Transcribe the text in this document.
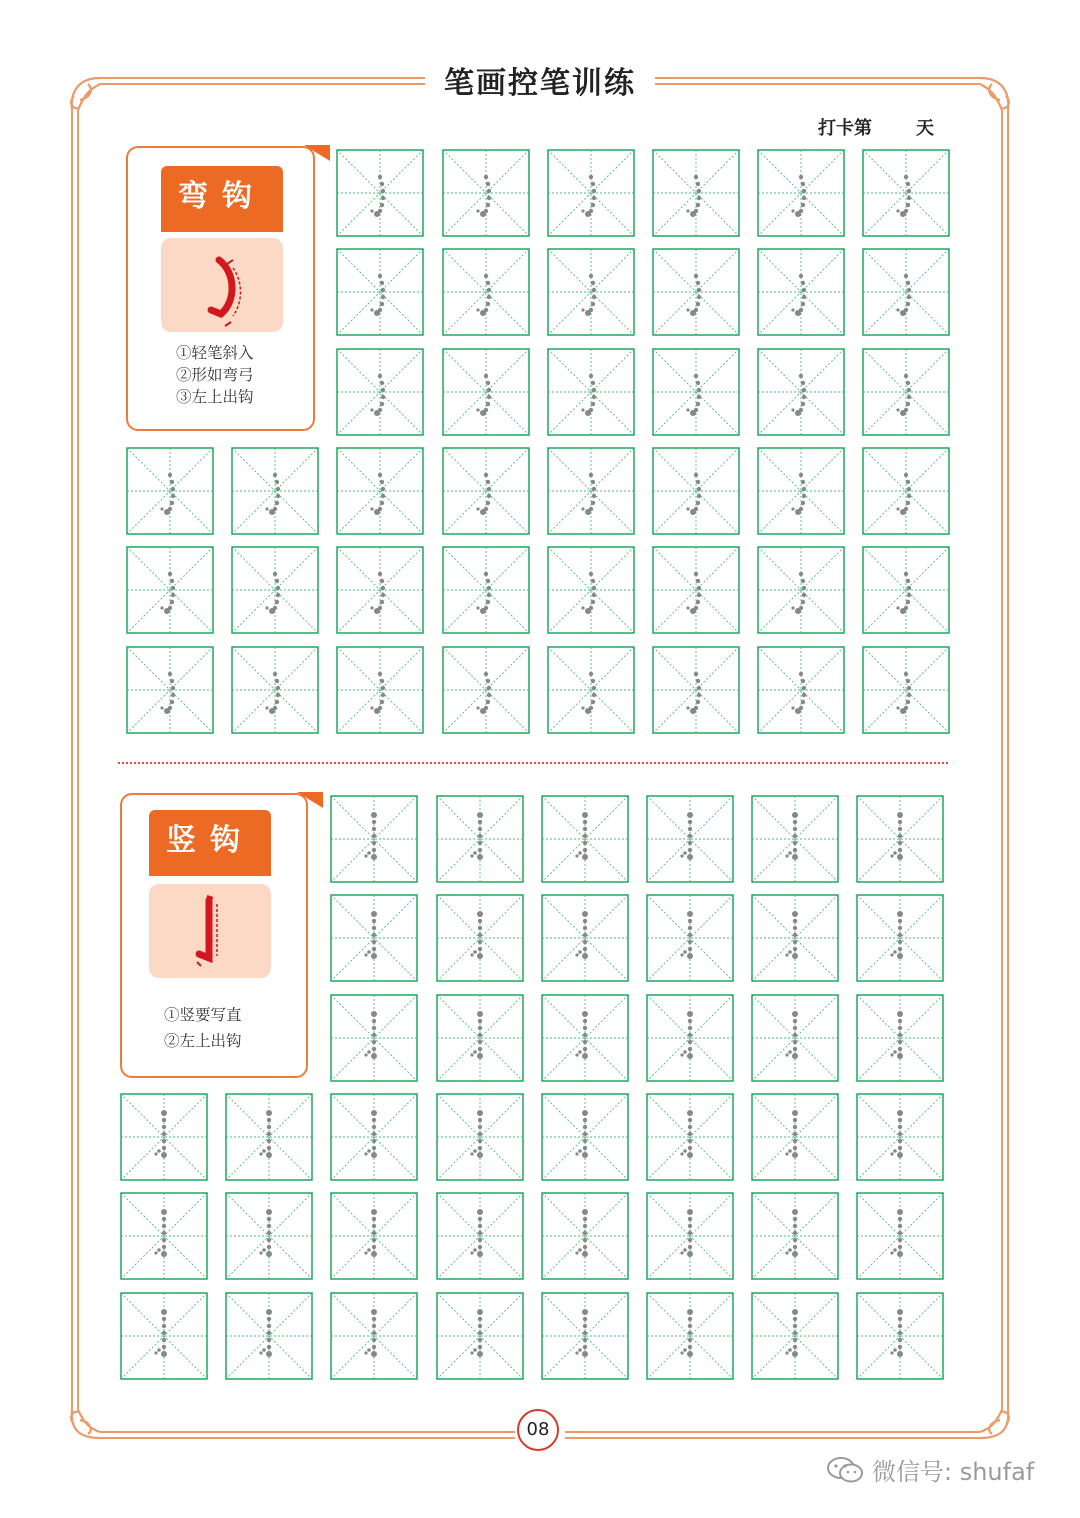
笔画控笔训练
打卡第 天
弯钩
①轻笔斜入
②形如弯弓
③左上出钩
竖钩
①竖要写直
②左上出钩
08
微信号: shufaf
